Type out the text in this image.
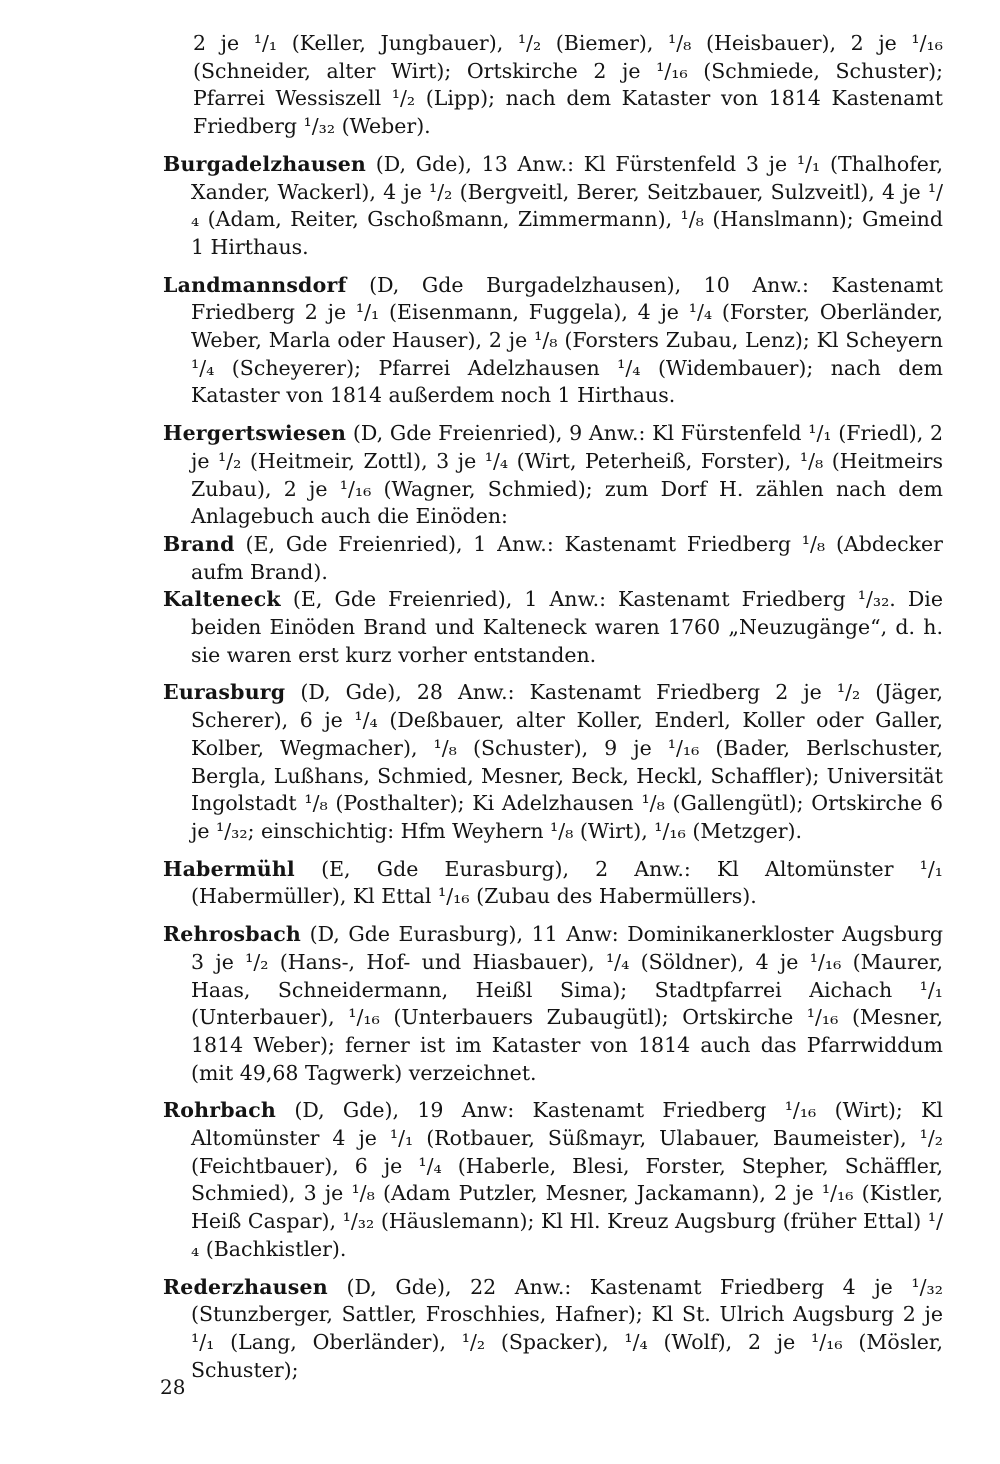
2 je ¹/₁ (Keller, Jungbauer), ¹/₂ (Biemer), ¹/₈ (Heisbauer), 2 je ¹/₁₆ (Schneider, alter Wirt); Ortskirche 2 je ¹/₁₆ (Schmiede, Schuster); Pfarrei Wessiszell ¹/₂ (Lipp); nach dem Kataster von 1814 Kastenamt Friedberg ¹/₃₂ (Weber).

Burgadelzhausen (D, Gde), 13 Anw.: Kl Fürstenfeld 3 je ¹/₁ (Thalhofer, Xander, Wackerl), 4 je ¹/₂ (Bergveitl, Berer, Seitzbauer, Sulzveitl), 4 je ¹/₄ (Adam, Reiter, Gschoßmann, Zimmermann), ¹/₈ (Hanslmann); Gmeind 1 Hirthaus.

Landmannsdorf (D, Gde Burgadelzhausen), 10 Anw.: Kastenamt Friedberg 2 je ¹/₁ (Eisenmann, Fuggela), 4 je ¹/₄ (Forster, Oberländer, Weber, Marla oder Hauser), 2 je ¹/₈ (Forsters Zubau, Lenz); Kl Scheyern ¹/₄ (Scheyerer); Pfarrei Adelzhausen ¹/₄ (Widembauer); nach dem Kataster von 1814 außerdem noch 1 Hirthaus.

Hergertswiesen (D, Gde Freienried), 9 Anw.: Kl Fürstenfeld ¹/₁ (Friedl), 2 je ¹/₂ (Heitmeir, Zottl), 3 je ¹/₄ (Wirt, Peterheiß, Forster), ¹/₈ (Heitmeirs Zubau), 2 je ¹/₁₆ (Wagner, Schmied); zum Dorf H. zählen nach dem Anlagebuch auch die Einöden:

Brand (E, Gde Freienried), 1 Anw.: Kastenamt Friedberg ¹/₈ (Abdecker aufm Brand).

Kalteneck (E, Gde Freienried), 1 Anw.: Kastenamt Friedberg ¹/₃₂. Die beiden Einöden Brand und Kalteneck waren 1760 „Neuzugänge“, d. h. sie waren erst kurz vorher entstanden.

Eurasburg (D, Gde), 28 Anw.: Kastenamt Friedberg 2 je ¹/₂ (Jäger, Scherer), 6 je ¹/₄ (Deßbauer, alter Koller, Enderl, Koller oder Galler, Kolber, Wegmacher), ¹/₈ (Schuster), 9 je ¹/₁₆ (Bader, Berlschuster, Bergla, Lußhans, Schmied, Mesner, Beck, Heckl, Schaffler); Universität Ingolstadt ¹/₈ (Posthalter); Ki Adelzhausen ¹/₈ (Gallengütl); Ortskirche 6 je ¹/₃₂; einschichtig: Hfm Weyhern ¹/₈ (Wirt), ¹/₁₆ (Metzger).

Habermühl (E, Gde Eurasburg), 2 Anw.: Kl Altomünster ¹/₁ (Habermüller), Kl Ettal ¹/₁₆ (Zubau des Habermüllers).

Rehrosbach (D, Gde Eurasburg), 11 Anw: Dominikanerkloster Augsburg 3 je ¹/₂ (Hans-, Hof- und Hiasbauer), ¹/₄ (Söldner), 4 je ¹/₁₆ (Maurer, Haas, Schneidermann, Heißl Sima); Stadtpfarrei Aichach ¹/₁ (Unterbauer), ¹/₁₆ (Unterbauers Zubaugütl); Ortskirche ¹/₁₆ (Mesner, 1814 Weber); ferner ist im Kataster von 1814 auch das Pfarrwiddum (mit 49,68 Tagwerk) verzeichnet.

Rohrbach (D, Gde), 19 Anw: Kastenamt Friedberg ¹/₁₆ (Wirt); Kl Altomünster 4 je ¹/₁ (Rotbauer, Süßmayr, Ulabauer, Baumeister), ¹/₂ (Feichtbauer), 6 je ¹/₄ (Haberle, Blesi, Forster, Stepher, Schäffler, Schmied), 3 je ¹/₈ (Adam Putzler, Mesner, Jackamann), 2 je ¹/₁₆ (Kistler, Heiß Caspar), ¹/₃₂ (Häuslemann); Kl Hl. Kreuz Augsburg (früher Ettal) ¹/₄ (Bachkistler).

Rederzhausen (D, Gde), 22 Anw.: Kastenamt Friedberg 4 je ¹/₃₂ (Stunzberger, Sattler, Froschhies, Hafner); Kl St. Ulrich Augsburg 2 je ¹/₁ (Lang, Oberländer), ¹/₂ (Spacker), ¹/₄ (Wolf), 2 je ¹/₁₆ (Mösler, Schuster);

28
